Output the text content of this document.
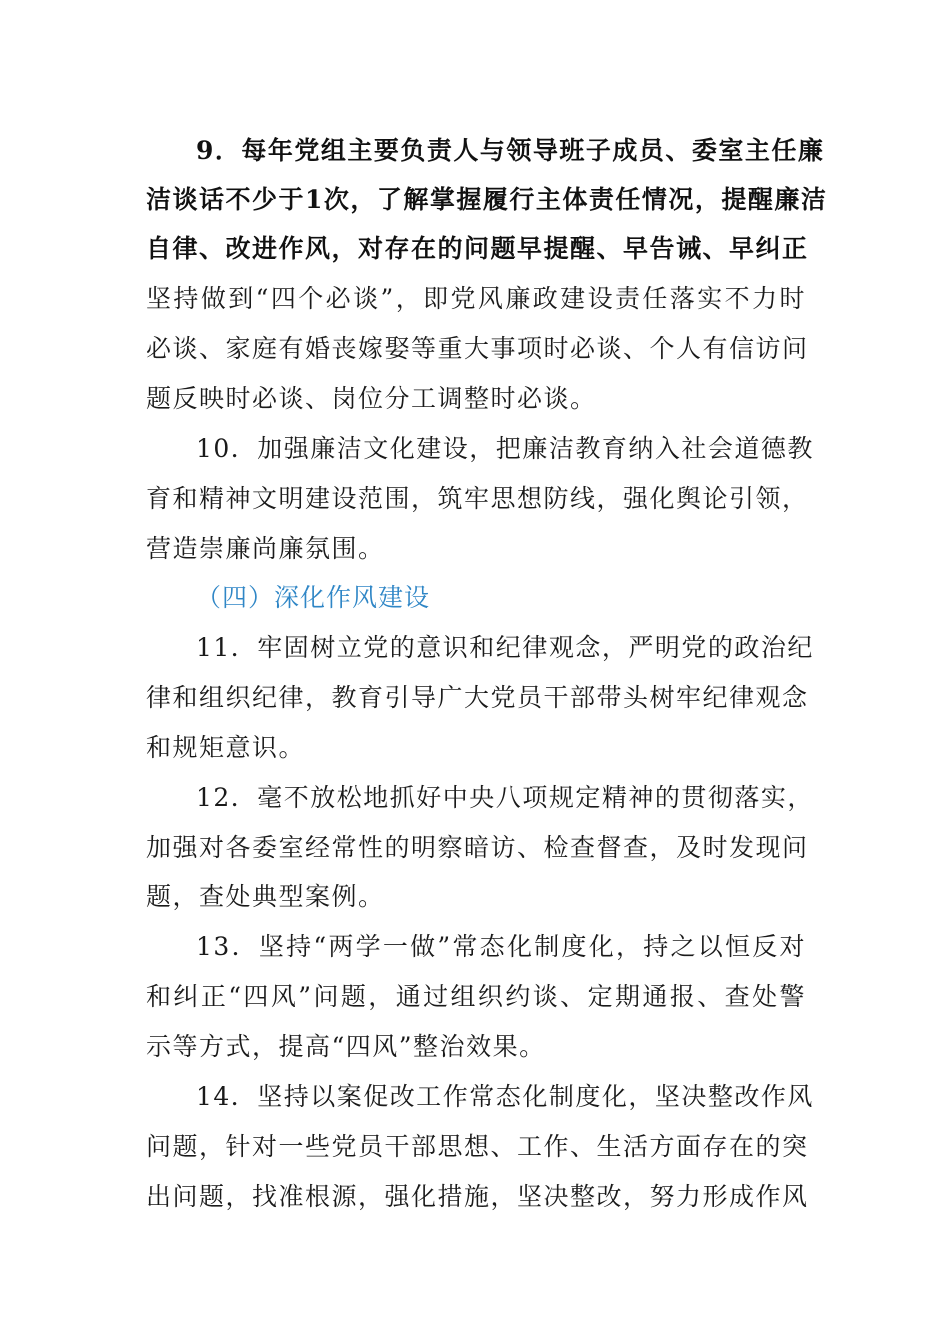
9．每年党组主要负责人与领导班子成员、委室主任廉
洁谈话不少于1次，了解掌握履行主体责任情况，提醒廉洁
自律、改进作风，对存在的问题早提醒、早告诫、早纠正
坚持做到“四个必谈”，即党风廉政建设责任落实不力时
必谈、家庭有婚丧嫁娶等重大事项时必谈、个人有信访问
题反映时必谈、岗位分工调整时必谈。
10．加强廉洁文化建设，把廉洁教育纳入社会道德教
育和精神文明建设范围，筑牢思想防线，强化舆论引领，
营造崇廉尚廉氛围。
（四）深化作风建设
11．牢固树立党的意识和纪律观念，严明党的政治纪
律和组织纪律，教育引导广大党员干部带头树牢纪律观念
和规矩意识。
12．毫不放松地抓好中央八项规定精神的贯彻落实，
加强对各委室经常性的明察暗访、检查督查，及时发现问
题，查处典型案例。
13．坚持“两学一做”常态化制度化，持之以恒反对
和纠正“四风”问题，通过组织约谈、定期通报、查处警
示等方式，提高“四风”整治效果。
14．坚持以案促改工作常态化制度化，坚决整改作风
问题，针对一些党员干部思想、工作、生活方面存在的突
出问题，找准根源，强化措施，坚决整改，努力形成作风
